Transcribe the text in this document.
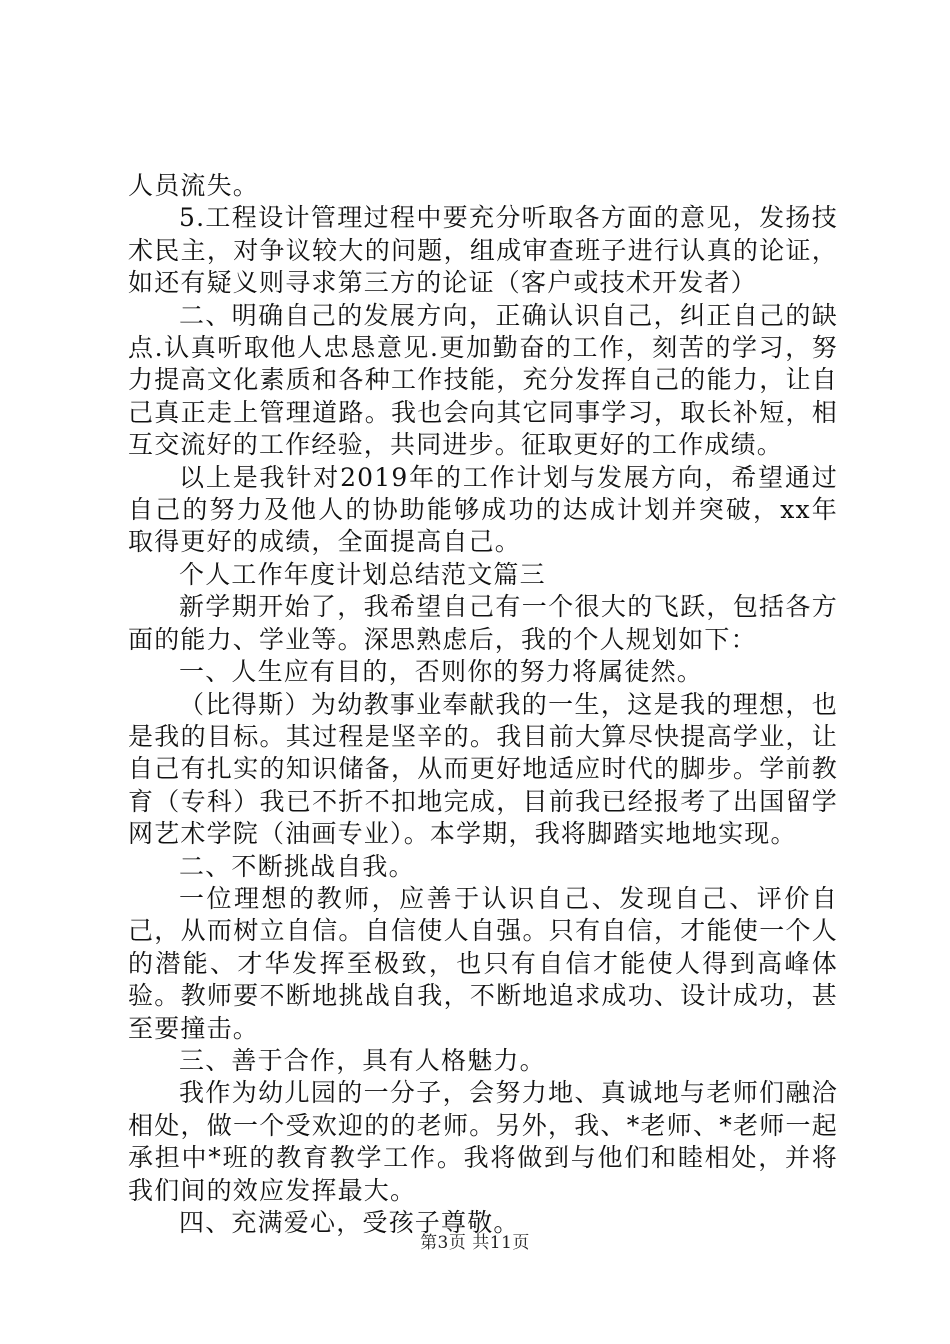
人员流失。

5.工程设计管理过程中要充分听取各方面的意见，发扬技术民主，对争议较大的问题，组成审查班子进行认真的论证，如还有疑义则寻求第三方的论证（客户或技术开发者）

二、明确自己的发展方向，正确认识自己，纠正自己的缺点.认真听取他人忠恳意见.更加勤奋的工作，刻苦的学习，努力提高文化素质和各种工作技能，充分发挥自己的能力，让自己真正走上管理道路。我也会向其它同事学习，取长补短，相互交流好的工作经验，共同进步。征取更好的工作成绩。

以上是我针对2019年的工作计划与发展方向，希望通过自己的努力及他人的协助能够成功的达成计划并突破，xx年取得更好的成绩，全面提高自己。

个人工作年度计划总结范文篇三

新学期开始了，我希望自己有一个很大的飞跃，包括各方面的能力、学业等。深思熟虑后，我的个人规划如下：

一、人生应有目的，否则你的努力将属徒然。

（比得斯）为幼教事业奉献我的一生，这是我的理想，也是我的目标。其过程是坚辛的。我目前大算尽快提高学业，让自己有扎实的知识储备，从而更好地适应时代的脚步。学前教育（专科）我已不折不扣地完成，目前我已经报考了出国留学网艺术学院（油画专业）。本学期，我将脚踏实地地实现。

二、不断挑战自我。

一位理想的教师，应善于认识自己、发现自己、评价自己，从而树立自信。自信使人自强。只有自信，才能使一个人的潜能、才华发挥至极致，也只有自信才能使人得到高峰体验。教师要不断地挑战自我，不断地追求成功、设计成功，甚至要撞击。

三、善于合作，具有人格魅力。

我作为幼儿园的一分子，会努力地、真诚地与老师们融洽相处，做一个受欢迎的的老师。另外，我、*老师、*老师一起承担中*班的教育教学工作。我将做到与他们和睦相处，并将我们间的效应发挥最大。

四、充满爱心，受孩子尊敬。

第3页 共11页
